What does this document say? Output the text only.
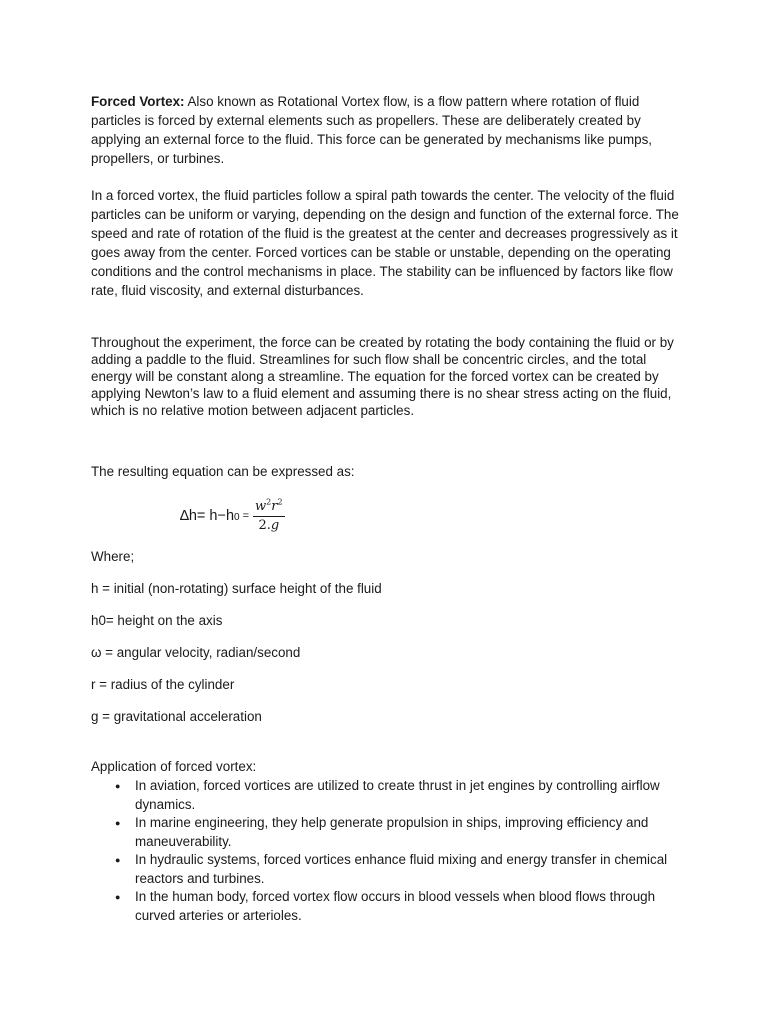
Forced Vortex: Also known as Rotational Vortex flow, is a flow pattern where rotation of fluid particles is forced by external elements such as propellers. These are deliberately created by applying an external force to the fluid. This force can be generated by mechanisms like pumps, propellers, or turbines.

In a forced vortex, the fluid particles follow a spiral path towards the center. The velocity of the fluid particles can be uniform or varying, depending on the design and function of the external force. The speed and rate of rotation of the fluid is the greatest at the center and decreases progressively as it goes away from the center. Forced vortices can be stable or unstable, depending on the operating conditions and the control mechanisms in place. The stability can be influenced by factors like flow rate, fluid viscosity, and external disturbances.

Throughout the experiment, the force can be created by rotating the body containing the fluid or by adding a paddle to the fluid. Streamlines for such flow shall be concentric circles, and the total energy will be constant along a streamline. The equation for the forced vortex can be created by applying Newton’s law to a fluid element and assuming there is no shear stress acting on the fluid, which is no relative motion between adjacent particles.

The resulting equation can be expressed as:

$\Delta h= h-h0 = \frac{w^2r^2}{2.g}$

Where;

h = initial (non-rotating) surface height of the fluid

h0= height on the axis

ω = angular velocity, radian/second

r = radius of the cylinder

g = gravitational acceleration

Application of forced vortex:

● In aviation, forced vortices are utilized to create thrust in jet engines by controlling airflow dynamics.
● In marine engineering, they help generate propulsion in ships, improving efficiency and maneuverability.
● In hydraulic systems, forced vortices enhance fluid mixing and energy transfer in chemical reactors and turbines.
● In the human body, forced vortex flow occurs in blood vessels when blood flows through curved arteries or arterioles.
